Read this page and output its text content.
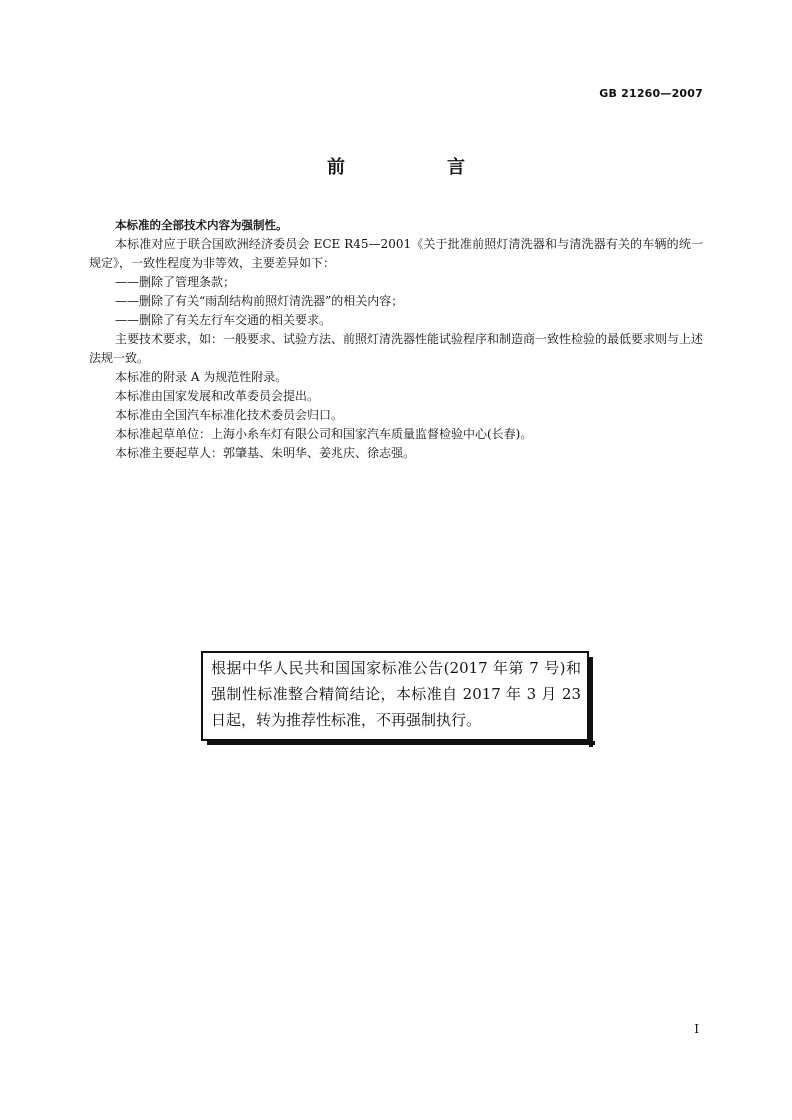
GB 21260—2007
前　言

本标准的全部技术内容为强制性。

本标准对应于联合国欧洲经济委员会 ECE R45—2001《关于批准前照灯清洗器和与清洗器有关的车辆的统一规定》，一致性程度为非等效，主要差异如下：

——删除了管理条款；

——删除了有关“雨刮结构前照灯清洗器”的相关内容；

——删除了有关左行车交通的相关要求。

主要技术要求，如：一般要求、试验方法、前照灯清洗器性能试验程序和制造商一致性检验的最低要求则与上述法规一致。

本标准的附录 A 为规范性附录。

本标准由国家发展和改革委员会提出。

本标准由全国汽车标准化技术委员会归口。

本标准起草单位：上海小糸车灯有限公司和国家汽车质量监督检验中心(长春)。

本标准主要起草人：郭肇基、朱明华、姜兆庆、徐志强。

根据中华人民共和国国家标准公告(2017 年第 7 号)和强制性标准整合精简结论，本标准自 2017 年 3 月 23 日起，转为推荐性标准，不再强制执行。

I
